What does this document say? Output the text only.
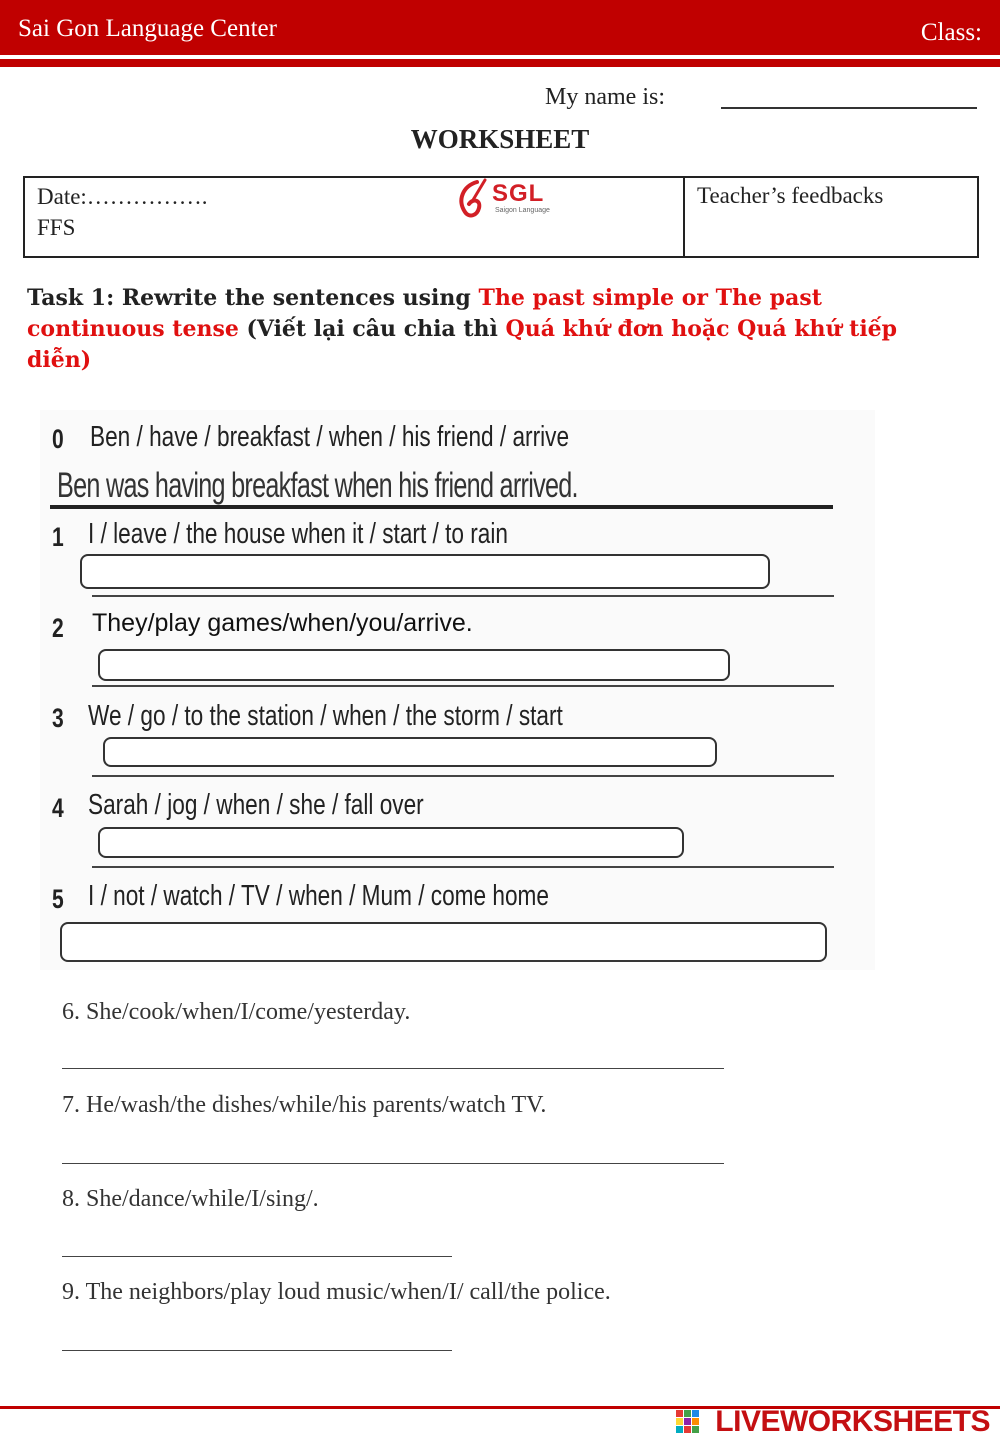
Sai Gon Language Center	Class:
My name is:
WORKSHEET
Date:…………….
FFS
SGL
Saigon Language
Teacher’s feedbacks
Task 1: Rewrite the sentences using The past simple or The past continuous tense (Viết lại câu chia thì Quá khứ đơn hoặc Quá khứ tiếp diễn)
0 Ben / have / breakfast / when / his friend / arrive
Ben was having breakfast when his friend arrived.
1 I / leave / the house when it / start / to rain
2 They/play games/when/you/arrive.
3 We / go / to the station / when / the storm / start
4 Sarah / jog / when / she / fall over
5 I / not / watch / TV / when / Mum / come home
6. She/cook/when/I/come/yesterday.
7. He/wash/the dishes/while/his parents/watch TV.
8. She/dance/while/I/sing/.
9. The neighbors/play loud music/when/I/ call/the police.
LIVEWORKSHEETS
